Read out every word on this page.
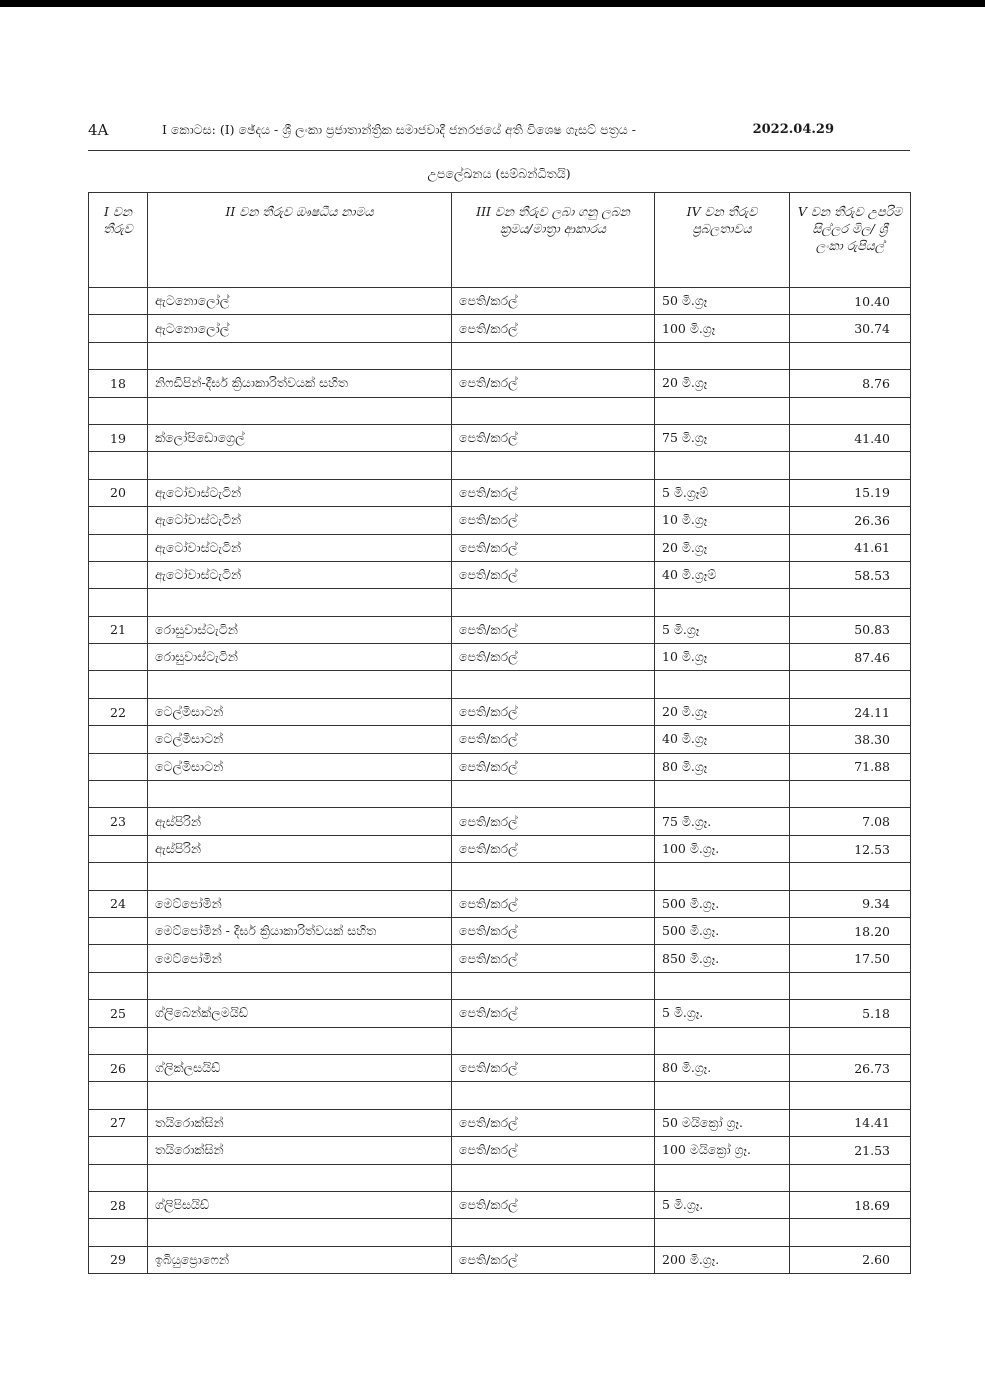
4A	I කොටස: (I) ඡේදය - ශ්‍රී ලංකා ප්‍රජාතාන්ත්‍රික සමාජවාදී ජනරජයේ අති විශෙෂ ගැසට් පත්‍රය -	2022.04.29
උපලේඛනය (සම්බන්ධිතයි)
I වන තීරුව	II වන තීරුව ඖෂධීය නාමය	III වන තීරුව ලබා ගනු ලබන ක්‍රමය/මාත්‍රා ආකාරය	IV වන තීරුව ප්‍රබලතාවය	V වන තීරුව උපරිම සිල්ලර මිල/ ශ්‍රී ලංකා රුපියල්
	ඇටනොලෝල්	පෙති/කරල්	50 මි.ග්‍රෑ	10.40
	ඇටනොලෝල්	පෙති/කරල්	100 මි.ග්‍රෑ	30.74

18	නිෆඩිපින්-දීර්ඝ ක්‍රියාකාරිත්වයක් සහිත	පෙති/කරල්	20 මි.ග්‍රෑ	8.76

19	ක්ලෝපිඩොග්‍රෙල්	පෙති/කරල්	75 මි.ග්‍රෑ	41.40

20	ඇටෝවාස්ටැටින්	පෙති/කරල්	5 මි.ග්‍රෑම්	15.19
	ඇටෝවාස්ටැටින්	පෙති/කරල්	10 මි.ග්‍රෑ	26.36
	ඇටෝවාස්ටැටින්	පෙති/කරල්	20 මි.ග්‍රෑ	41.61
	ඇටෝවාස්ටැටින්	පෙති/කරල්	40 මි.ග්‍රෑම්	58.53

21	රොසුවාස්ටැටින්	පෙති/කරල්	5 මි.ග්‍රෑ	50.83
	රොසුවාස්ටැටින්	පෙති/කරල්	10 මි.ග්‍රෑ	87.46

22	ටෙල්මිසාටන්	පෙති/කරල්	20 මි.ග්‍රෑ	24.11
	ටෙල්මිසාටන්	පෙති/කරල්	40 මි.ග්‍රෑ	38.30
	ටෙල්මිසාටන්	පෙති/කරල්	80 මි.ග්‍රෑ	71.88

23	ඇස්පිරින්	පෙති/කරල්	75 මි.ග්‍රෑ.	7.08
	ඇස්පිරින්	පෙති/කරල්	100 මි.ග්‍රෑ.	12.53

24	මෙට්පෝමින්	පෙති/කරල්	500 මි.ග්‍රෑ.	9.34
	මෙට්පෝමින් - දීර්ඝ ක්‍රියාකාරිත්වයක් සහිත	පෙති/කරල්	500 මි.ග්‍රෑ.	18.20
	මෙට්පෝමින්	පෙති/කරල්	850 මි.ග්‍රෑ.	17.50

25	ග්ලිබෙන්ක්ලමයිඩ්	පෙති/කරල්	5 මි.ග්‍රෑ.	5.18

26	ග්ලික්ලසයිඩ්	පෙති/කරල්	80 මි.ග්‍රෑ.	26.73

27	තයිරොක්සින්	පෙති/කරල්	50 මයික්‍රෝ ග්‍රෑ.	14.41
	තයිරොක්සින්	පෙති/කරල්	100 මයික්‍රෝ ග්‍රෑ.	21.53

28	ග්ලිපිසයිඩ්	පෙති/කරල්	5 මි.ග්‍රෑ.	18.69

29	ඉබියුප්‍රොෆෙන්	පෙති/කරල්	200 මි.ග්‍රෑ.	2.60
